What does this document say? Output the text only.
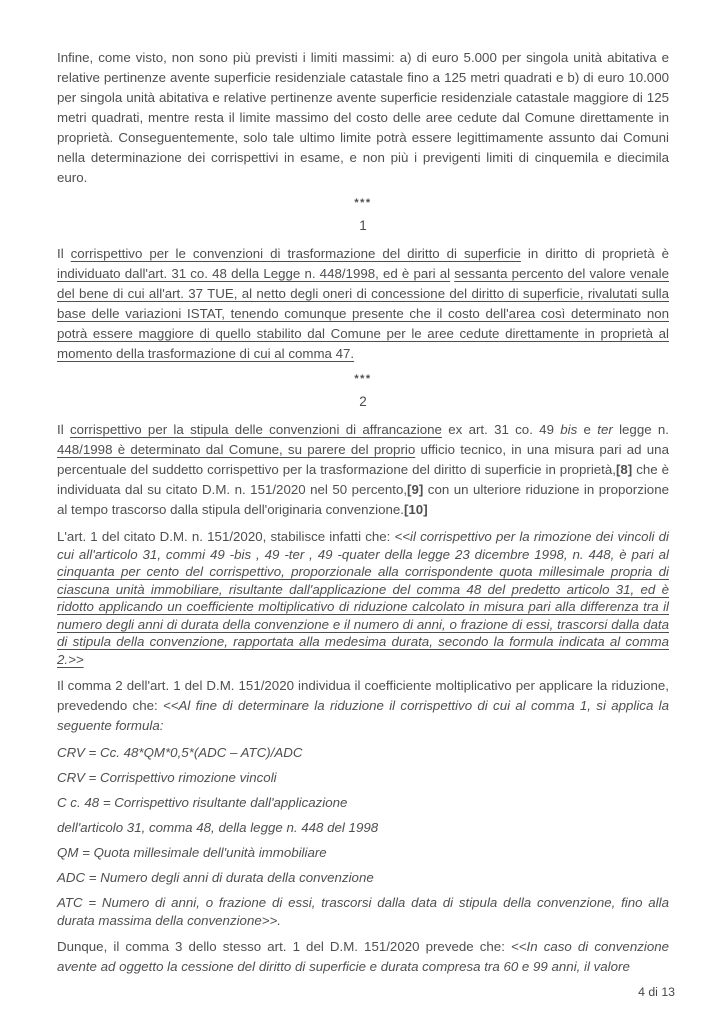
Infine, come visto, non sono più previsti i limiti massimi: a) di euro 5.000 per singola unità abitativa e relative pertinenze avente superficie residenziale catastale fino a 125 metri quadrati e b) di euro 10.000 per singola unità abitativa e relative pertinenze avente superficie residenziale catastale maggiore di 125 metri quadrati, mentre resta il limite massimo del costo delle aree cedute dal Comune direttamente in proprietà. Conseguentemente, solo tale ultimo limite potrà essere legittimamente assunto dai Comuni nella determinazione dei corrispettivi in esame, e non più i previgenti limiti di cinquemila e diecimila euro.

***

1

Il corrispettivo per le convenzioni di trasformazione del diritto di superficie in diritto di proprietà è individuato dall'art. 31 co. 48 della Legge n. 448/1998, ed è pari al sessanta percento del valore venale del bene di cui all'art. 37 TUE, al netto degli oneri di concessione del diritto di superficie, rivalutati sulla base delle variazioni ISTAT, tenendo comunque presente che il costo dell'area così determinato non potrà essere maggiore di quello stabilito dal Comune per le aree cedute direttamente in proprietà al momento della trasformazione di cui al comma 47.

***

2

Il corrispettivo per la stipula delle convenzioni di affrancazione ex art. 31 co. 49 bis e ter legge n. 448/1998 è determinato dal Comune, su parere del proprio ufficio tecnico, in una misura pari ad una percentuale del suddetto corrispettivo per la trasformazione del diritto di superficie in proprietà,[8] che è individuata dal su citato D.M. n. 151/2020 nel 50 percento,[9] con un ulteriore riduzione in proporzione al tempo trascorso dalla stipula dell'originaria convenzione.[10]

L'art. 1 del citato D.M. n. 151/2020, stabilisce infatti che: <<il corrispettivo per la rimozione dei vincoli di cui all'articolo 31, commi 49 -bis , 49 -ter , 49 -quater della legge 23 dicembre 1998, n. 448, è pari al cinquanta per cento del corrispettivo, proporzionale alla corrispondente quota millesimale propria di ciascuna unità immobiliare, risultante dall'applicazione del comma 48 del predetto articolo 31, ed è ridotto applicando un coefficiente moltiplicativo di riduzione calcolato in misura pari alla differenza tra il numero degli anni di durata della convenzione e il numero di anni, o frazione di essi, trascorsi dalla data di stipula della convenzione, rapportata alla medesima durata, secondo la formula indicata al comma 2.>>

Il comma 2 dell'art. 1 del D.M. 151/2020 individua il coefficiente moltiplicativo per applicare la riduzione, prevedendo che: <<Al fine di determinare la riduzione il corrispettivo di cui al comma 1, si applica la seguente formula:

CRV = Cc. 48*QM*0,5*(ADC – ATC)/ADC

CRV = Corrispettivo rimozione vincoli

C c. 48 = Corrispettivo risultante dall'applicazione

dell'articolo 31, comma 48, della legge n. 448 del 1998

QM = Quota millesimale dell'unità immobiliare

ADC = Numero degli anni di durata della convenzione

ATC = Numero di anni, o frazione di essi, trascorsi dalla data di stipula della convenzione, fino alla durata massima della convenzione>>.

Dunque, il comma 3 dello stesso art. 1 del D.M. 151/2020 prevede che: <<In caso di convenzione avente ad oggetto la cessione del diritto di superficie e durata compresa tra 60 e 99 anni, il valore

4 di 13
